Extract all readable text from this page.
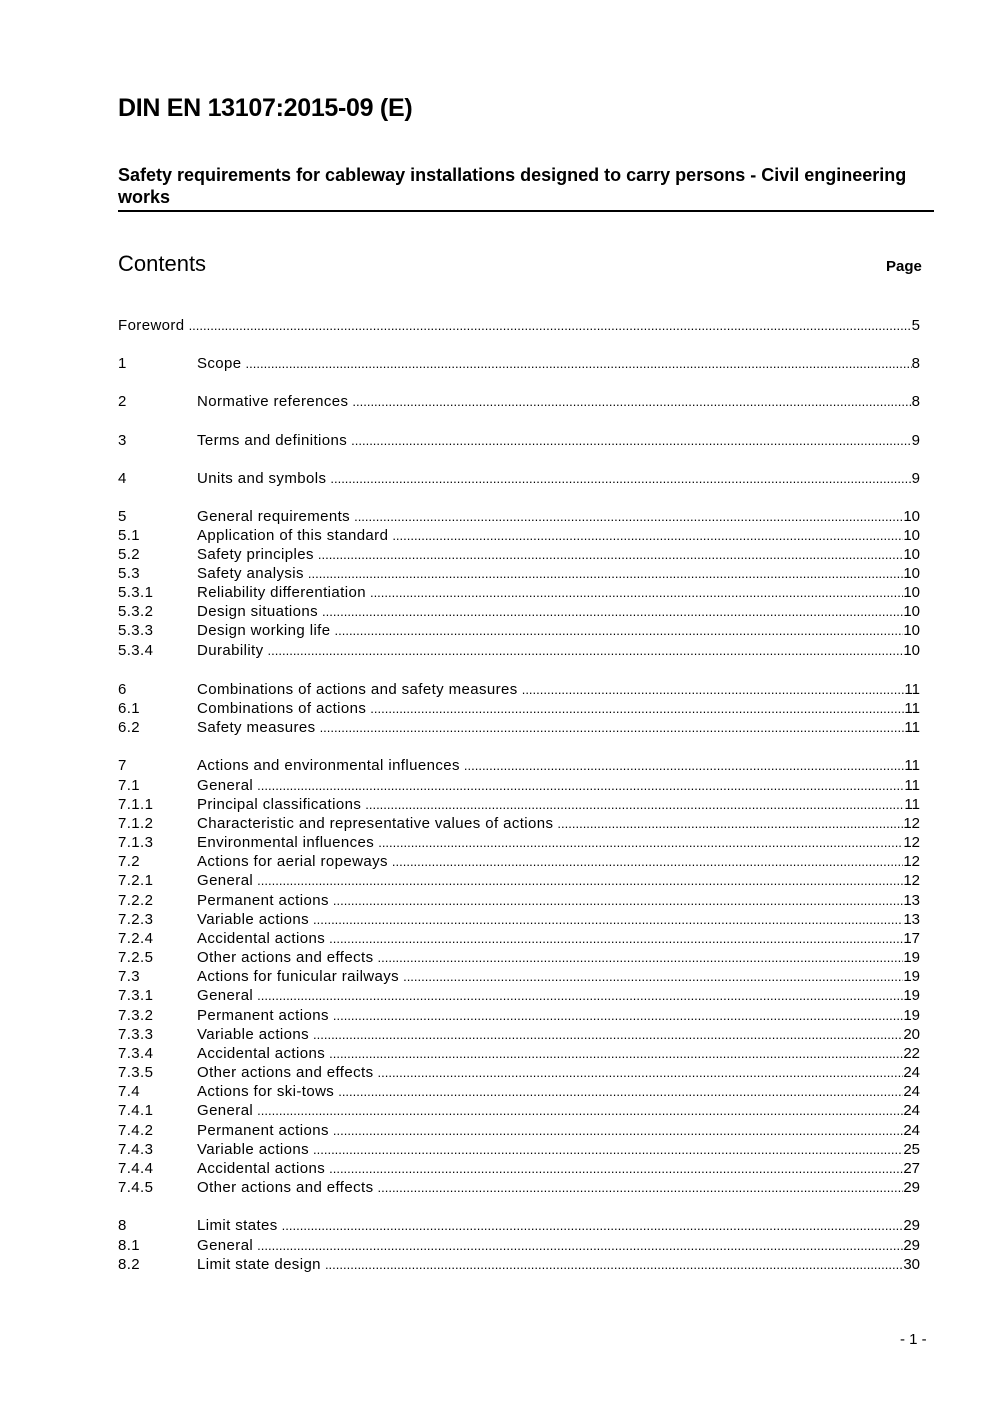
DIN EN 13107:2015-09 (E)
Safety requirements for cableway installations designed to carry persons - Civil engineering works
Contents	Page
Foreword .....	5
1	Scope .....	8
2	Normative references .....	8
3	Terms and definitions .....	9
4	Units and symbols .....	9
5	General requirements .....	10
5.1	Application of this standard .....	10
5.2	Safety principles .....	10
5.3	Safety analysis .....	10
5.3.1	Reliability differentiation .....	10
5.3.2	Design situations .....	10
5.3.3	Design working life .....	10
5.3.4	Durability .....	10
6	Combinations of actions and safety measures .....	11
6.1	Combinations of actions .....	11
6.2	Safety measures .....	11
7	Actions and environmental influences .....	11
7.1	General .....	11
7.1.1	Principal classifications .....	11
7.1.2	Characteristic and representative values of actions .....	12
7.1.3	Environmental influences .....	12
7.2	Actions for aerial ropeways .....	12
7.2.1	General .....	12
7.2.2	Permanent actions .....	13
7.2.3	Variable actions .....	13
7.2.4	Accidental actions .....	17
7.2.5	Other actions and effects .....	19
7.3	Actions for funicular railways .....	19
7.3.1	General .....	19
7.3.2	Permanent actions .....	19
7.3.3	Variable actions .....	20
7.3.4	Accidental actions .....	22
7.3.5	Other actions and effects .....	24
7.4	Actions for ski-tows .....	24
7.4.1	General .....	24
7.4.2	Permanent actions .....	24
7.4.3	Variable actions .....	25
7.4.4	Accidental actions .....	27
7.4.5	Other actions and effects .....	29
8	Limit states .....	29
8.1	General .....	29
8.2	Limit state design .....	30
- 1 -
